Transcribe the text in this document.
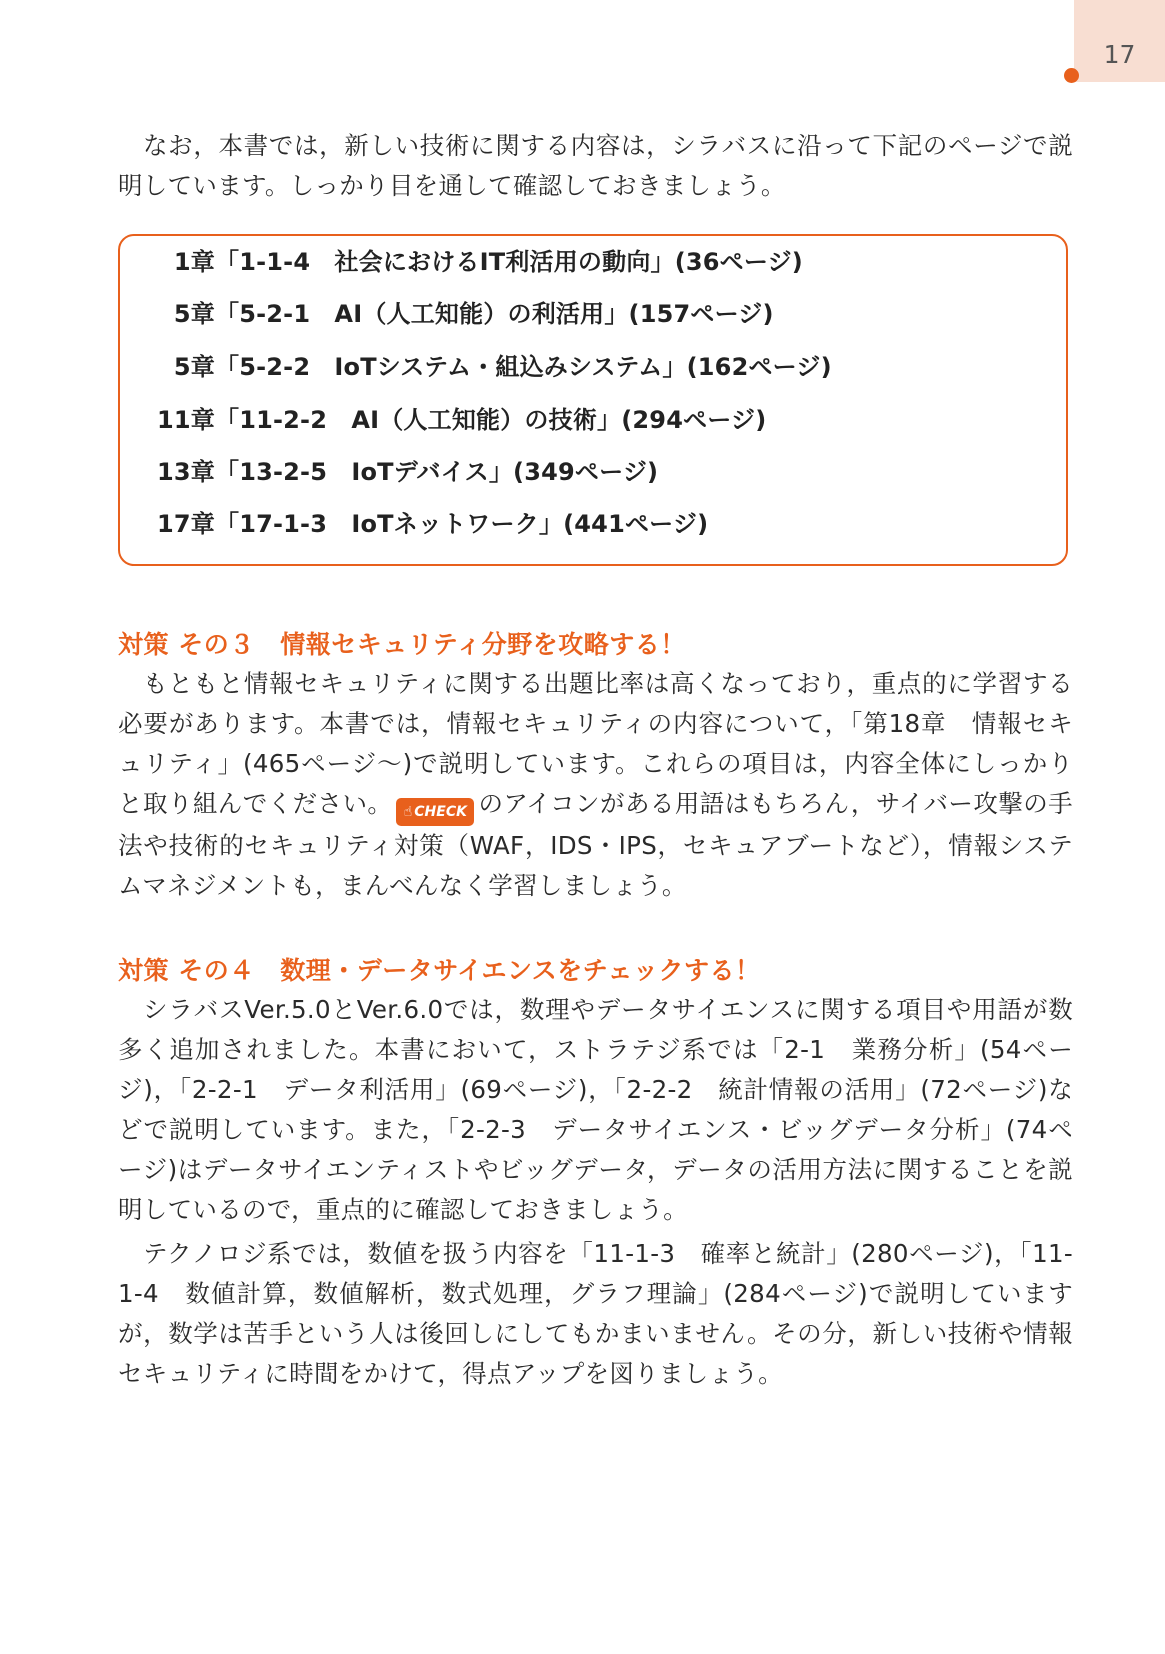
17

なお，本書では，新しい技術に関する内容は，シラバスに沿って下記のページで説明しています。しっかり目を通して確認しておきましょう。

1章「1-1-4　社会におけるIT利活用の動向」(36ページ)
5章「5-2-1　AI（人工知能）の利活用」(157ページ)
5章「5-2-2　IoTシステム・組込みシステム」(162ページ)
11章「11-2-2　AI（人工知能）の技術」(294ページ)
13章「13-2-5　IoTデバイス」(349ページ)
17章「17-1-3　IoTネットワーク」(441ページ)
対策 その３　情報セキュリティ分野を攻略する！

もともと情報セキュリティに関する出題比率は高くなっており，重点的に学習する必要があります。本書では，情報セキュリティの内容について，「第18章　情報セキュリティ」(465ページ～)で説明しています。これらの項目は，内容全体にしっかりと取り組んでください。 ☝ CHECK のアイコンがある用語はもちろん，サイバー攻撃の手法や技術的セキュリティ対策（WAF，IDS・IPS，セキュアブートなど），情報システムマネジメントも，まんべんなく学習しましょう。

対策 その４　数理・データサイエンスをチェックする！

シラバスVer.5.0とVer.6.0では，数理やデータサイエンスに関する項目や用語が数多く追加されました。本書において，ストラテジ系では「2-1　業務分析」(54ページ)，「2-2-1　データ利活用」(69ページ)，「2-2-2　統計情報の活用」(72ページ)などで説明しています。また，「2-2-3　データサイエンス・ビッグデータ分析」(74ページ)はデータサイエンティストやビッグデータ，データの活用方法に関することを説明しているので，重点的に確認しておきましょう。

テクノロジ系では，数値を扱う内容を「11-1-3　確率と統計」(280ページ)，「11-1-4　数値計算，数値解析，数式処理，グラフ理論」(284ページ)で説明していますが，数学は苦手という人は後回しにしてもかまいません。その分，新しい技術や情報セキュリティに時間をかけて，得点アップを図りましょう。
